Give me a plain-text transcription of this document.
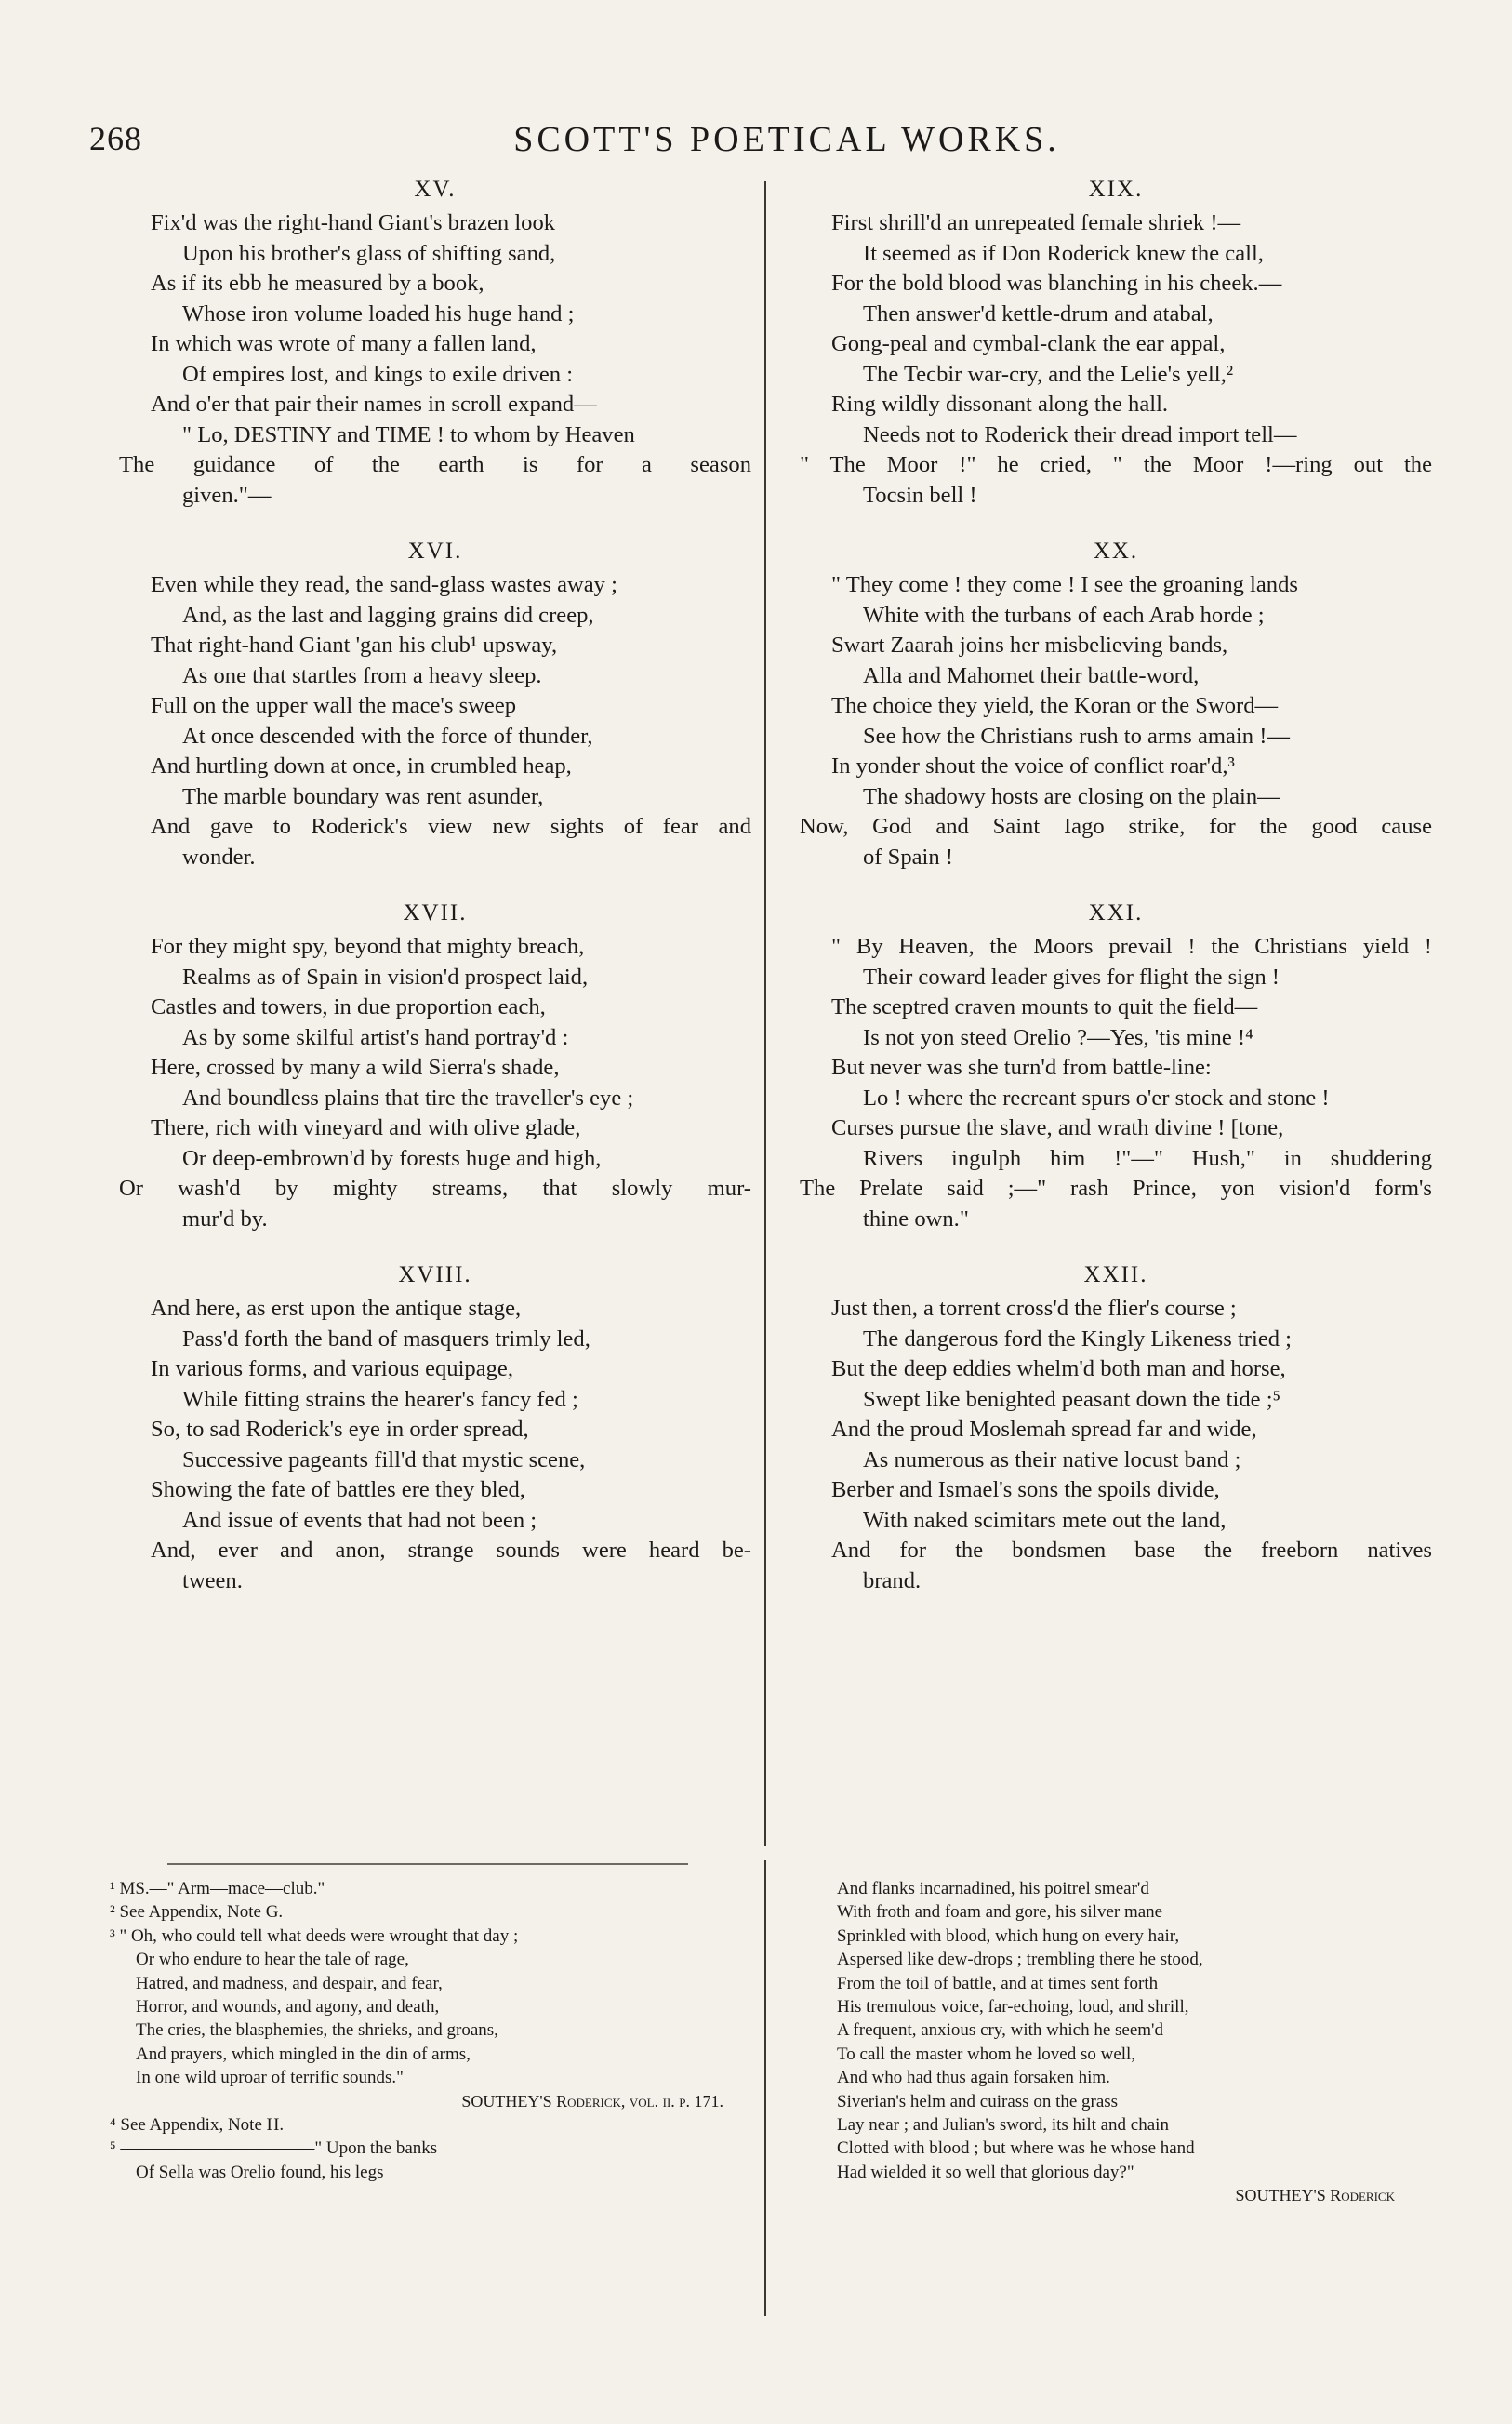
268	SCOTT'S POETICAL WORKS.
XV.
Fix'd was the right-hand Giant's brazen look
Upon his brother's glass of shifting sand,
As if its ebb he measured by a book,
Whose iron volume loaded his huge hand ;
In which was wrote of many a fallen land,
Of empires lost, and kings to exile driven :
And o'er that pair their names in scroll expand—
" Lo, DESTINY and TIME ! to whom by Heaven
The guidance of the earth is for a season
given."—
XVI.
Even while they read, the sand-glass wastes away ;
And, as the last and lagging grains did creep,
That right-hand Giant 'gan his club¹ upsway,
As one that startles from a heavy sleep.
Full on the upper wall the mace's sweep
At once descended with the force of thunder,
And hurtling down at once, in crumbled heap,
The marble boundary was rent asunder,
And gave to Roderick's view new sights of fear and
wonder.
XVII.
For they might spy, beyond that mighty breach,
Realms as of Spain in vision'd prospect laid,
Castles and towers, in due proportion each,
As by some skilful artist's hand portray'd :
Here, crossed by many a wild Sierra's shade,
And boundless plains that tire the traveller's eye ;
There, rich with vineyard and with olive glade,
Or deep-embrown'd by forests huge and high,
Or wash'd by mighty streams, that slowly mur-
mur'd by.
XVIII.
And here, as erst upon the antique stage,
Pass'd forth the band of masquers trimly led,
In various forms, and various equipage,
While fitting strains the hearer's fancy fed ;
So, to sad Roderick's eye in order spread,
Successive pageants fill'd that mystic scene,
Showing the fate of battles ere they bled,
And issue of events that had not been ;
And, ever and anon, strange sounds were heard be-
tween.
XIX.
First shrill'd an unrepeated female shriek !—
It seemed as if Don Roderick knew the call,
For the bold blood was blanching in his cheek.—
Then answer'd kettle-drum and atabal,
Gong-peal and cymbal-clank the ear appal,
The Tecbir war-cry, and the Lelie's yell,²
Ring wildly dissonant along the hall.
Needs not to Roderick their dread import tell—
" The Moor !" he cried, " the Moor !—ring out the
Tocsin bell !
XX.
" They come ! they come ! I see the groaning lands
White with the turbans of each Arab horde ;
Swart Zaarah joins her misbelieving bands,
Alla and Mahomet their battle-word,
The choice they yield, the Koran or the Sword—
See how the Christians rush to arms amain !—
In yonder shout the voice of conflict roar'd,³
The shadowy hosts are closing on the plain—
Now, God and Saint Iago strike, for the good cause
of Spain !
XXI.
" By Heaven, the Moors prevail ! the Christians yield !
Their coward leader gives for flight the sign !
The sceptred craven mounts to quit the field—
Is not yon steed Orelio ?—Yes, 'tis mine !⁴
But never was she turn'd from battle-line:
Lo ! where the recreant spurs o'er stock and stone !
Curses pursue the slave, and wrath divine ! [tone,
Rivers ingulph him !"—" Hush," in shuddering
The Prelate said ;—" rash Prince, yon vision'd form's
thine own."
XXII.
Just then, a torrent cross'd the flier's course ;
The dangerous ford the Kingly Likeness tried ;
But the deep eddies whelm'd both man and horse,
Swept like benighted peasant down the tide ;⁵
And the proud Moslemah spread far and wide,
As numerous as their native locust band ;
Berber and Ismael's sons the spoils divide,
With naked scimitars mete out the land,
And for the bondsmen base the freeborn natives
brand.
¹ MS.—" Arm—mace—club."
² See Appendix, Note G.
³ " Oh, who could tell what deeds were wrought that day ;
Or who endure to hear the tale of rage,
Hatred, and madness, and despair, and fear,
Horror, and wounds, and agony, and death,
The cries, the blasphemies, the shrieks, and groans,
And prayers, which mingled in the din of arms,
In one wild uproar of terrific sounds."
SOUTHEY'S Roderick, vol. ii. p. 171.
⁴ See Appendix, Note H.
⁵ ———————————" Upon the banks
Of Sella was Orelio found, his legs
And flanks incarnadined, his poitrel smear'd
With froth and foam and gore, his silver mane
Sprinkled with blood, which hung on every hair,
Aspersed like dew-drops ; trembling there he stood,
From the toil of battle, and at times sent forth
His tremulous voice, far-echoing, loud, and shrill,
A frequent, anxious cry, with which he seem'd
To call the master whom he loved so well,
And who had thus again forsaken him.
Siverian's helm and cuirass on the grass
Lay near ; and Julian's sword, its hilt and chain
Clotted with blood ; but where was he whose hand
Had wielded it so well that glorious day?"
SOUTHEY'S Roderick
